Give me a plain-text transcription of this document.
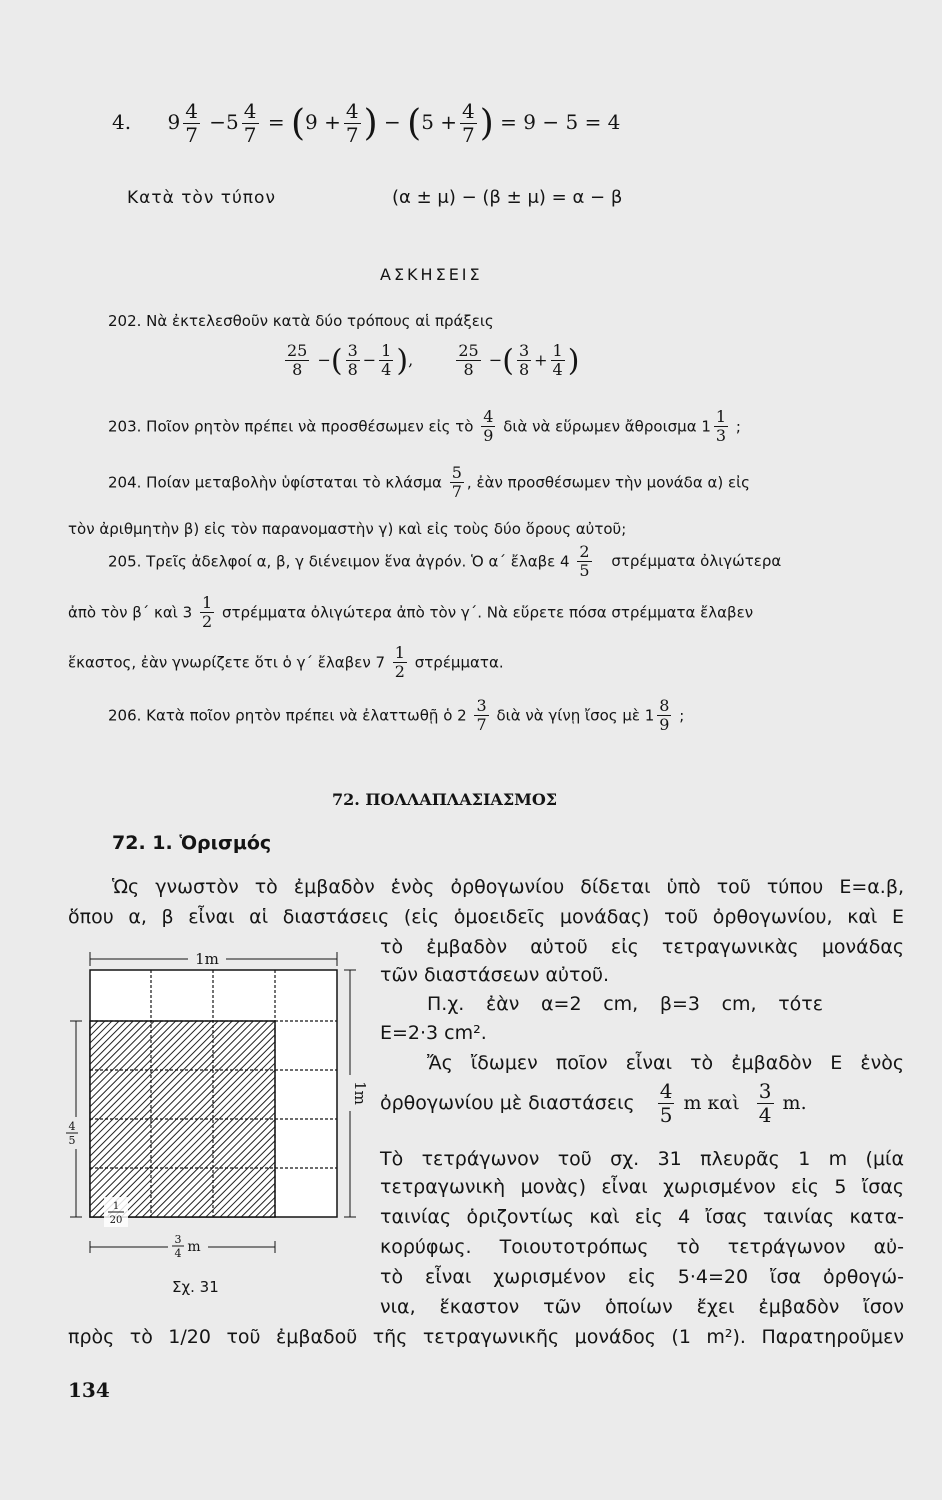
4. $9 \frac{4}{7} -5 \frac{4}{7} = (9 + \frac{4}{7}$ ) − ($5 + \frac{4}{7}$ ) = 9 − 5 = 4
Κατὰ τὸν τύπον	(α ± μ) − (β ± μ) = α − β
ΑΣΚΗΣΕΙΣ
202. Νὰ ἐκτελεσθοῦν κατὰ δύο τρόπους αἱ πράξεις
$\frac{25}{8}$ −( $\frac{3}{8} - \frac{1}{4}$ ),	$\frac{25}{8}$ −( $\frac{3}{8} + \frac{1}{4}$ )
203. Ποῖον ρητὸν πρέπει νὰ προσθέσωμεν εἰς τὸ $\frac{4}{9}$ διὰ νὰ εὕρωμεν ἄθροισμα $1 \frac{1}{3}$ ;
204. Ποίαν μεταβολὴν ὑφίσταται τὸ κλάσμα $\frac{5}{7}$ , ἐὰν προσθέσωμεν τὴν μονάδα α) εἰς
τὸν ἀριθμητὴν β) εἰς τὸν παρανομαστὴν γ) καὶ εἰς τοὺς δύο ὅρους αὐτοῦ;
205. Τρεῖς ἀδελφοί α, β, γ διένειμον ἕνα ἀγρόν. Ὁ α΄ ἔλαβε $4 \frac{2}{5}$ στρέμματα ὀλιγώτερα
ἀπὸ τὸν β΄ καὶ $3 \frac{1}{2}$ στρέμματα ὀλιγώτερα ἀπὸ τὸν γ΄. Νὰ εὕρετε πόσα στρέμματα ἔλαβεν
ἕκαστος, ἐὰν γνωρίζετε ὅτι ὁ γ΄ ἔλαβεν $7 \frac{1}{2} \sigma\tau\rho έ\mu\mu\alpha\tau\alpha$.
206. Κατὰ ποῖον ρητὸν πρέπει νὰ ἐλαττωθῇ ὁ $2 \frac{3}{7}$ διὰ νὰ γίνῃ ἴσος μὲ $1 \frac{8}{9}$ ;
72. ΠΟΛΛΑΠΛΑΣΙΑΣΜΟΣ
72. 1. Ὁρισμός
Ὡς γνωστὸν τὸ ἐμβαδὸν ἑνὸς ὀρθογωνίου δίδεται ὑπὸ τοῦ τύπου Ε=α.β,
ὅπου α, β εἶναι αἱ διαστάσεις (εἰς ὁμοειδεῖς μονάδας) τοῦ ὀρθογωνίου, καὶ Ε
τὸ ἐμβαδὸν αὐτοῦ εἰς τετραγωνικὰς μονάδας
τῶν διαστάσεων αὐτοῦ.
Π.χ. ἐὰν α=2 cm, β=3 cm, τότε
Ε=2·3 cm².
Ἄς ἴδωμεν ποῖον εἶναι τὸ ἐμβαδὸν Ε ἑνὸς
ὀρθογωνίου μὲ διαστάσεις $\frac{4}{5}$ m καὶ $\frac{3}{4} m$.
Τὸ τετράγωνον τοῦ σχ. 31 πλευρᾶς 1 m (μία
τετραγωνικὴ μονὰς) εἶναι χωρισμένον εἰς 5 ἴσας
ταινίας ὁριζοντίως καὶ εἰς 4 ἴσας ταινίας κατα-
κορύφως. Τοιουτοτρόπως τὸ τετράγωνον αὐ-
τὸ εἶναι χωρισμένον εἰς 5·4=20 ἴσα ὀρθογώ-
νια, ἕκαστον τῶν ὁποίων ἔχει ἐμβαδὸν ἴσον
πρὸς τὸ 1/20 τοῦ ἐμβαδοῦ τῆς τετραγωνικῆς μονάδος (1 m²). Παρατηροῦμεν
1m
1m
4
5
3
4 m
1
20
Σχ. 31
134
